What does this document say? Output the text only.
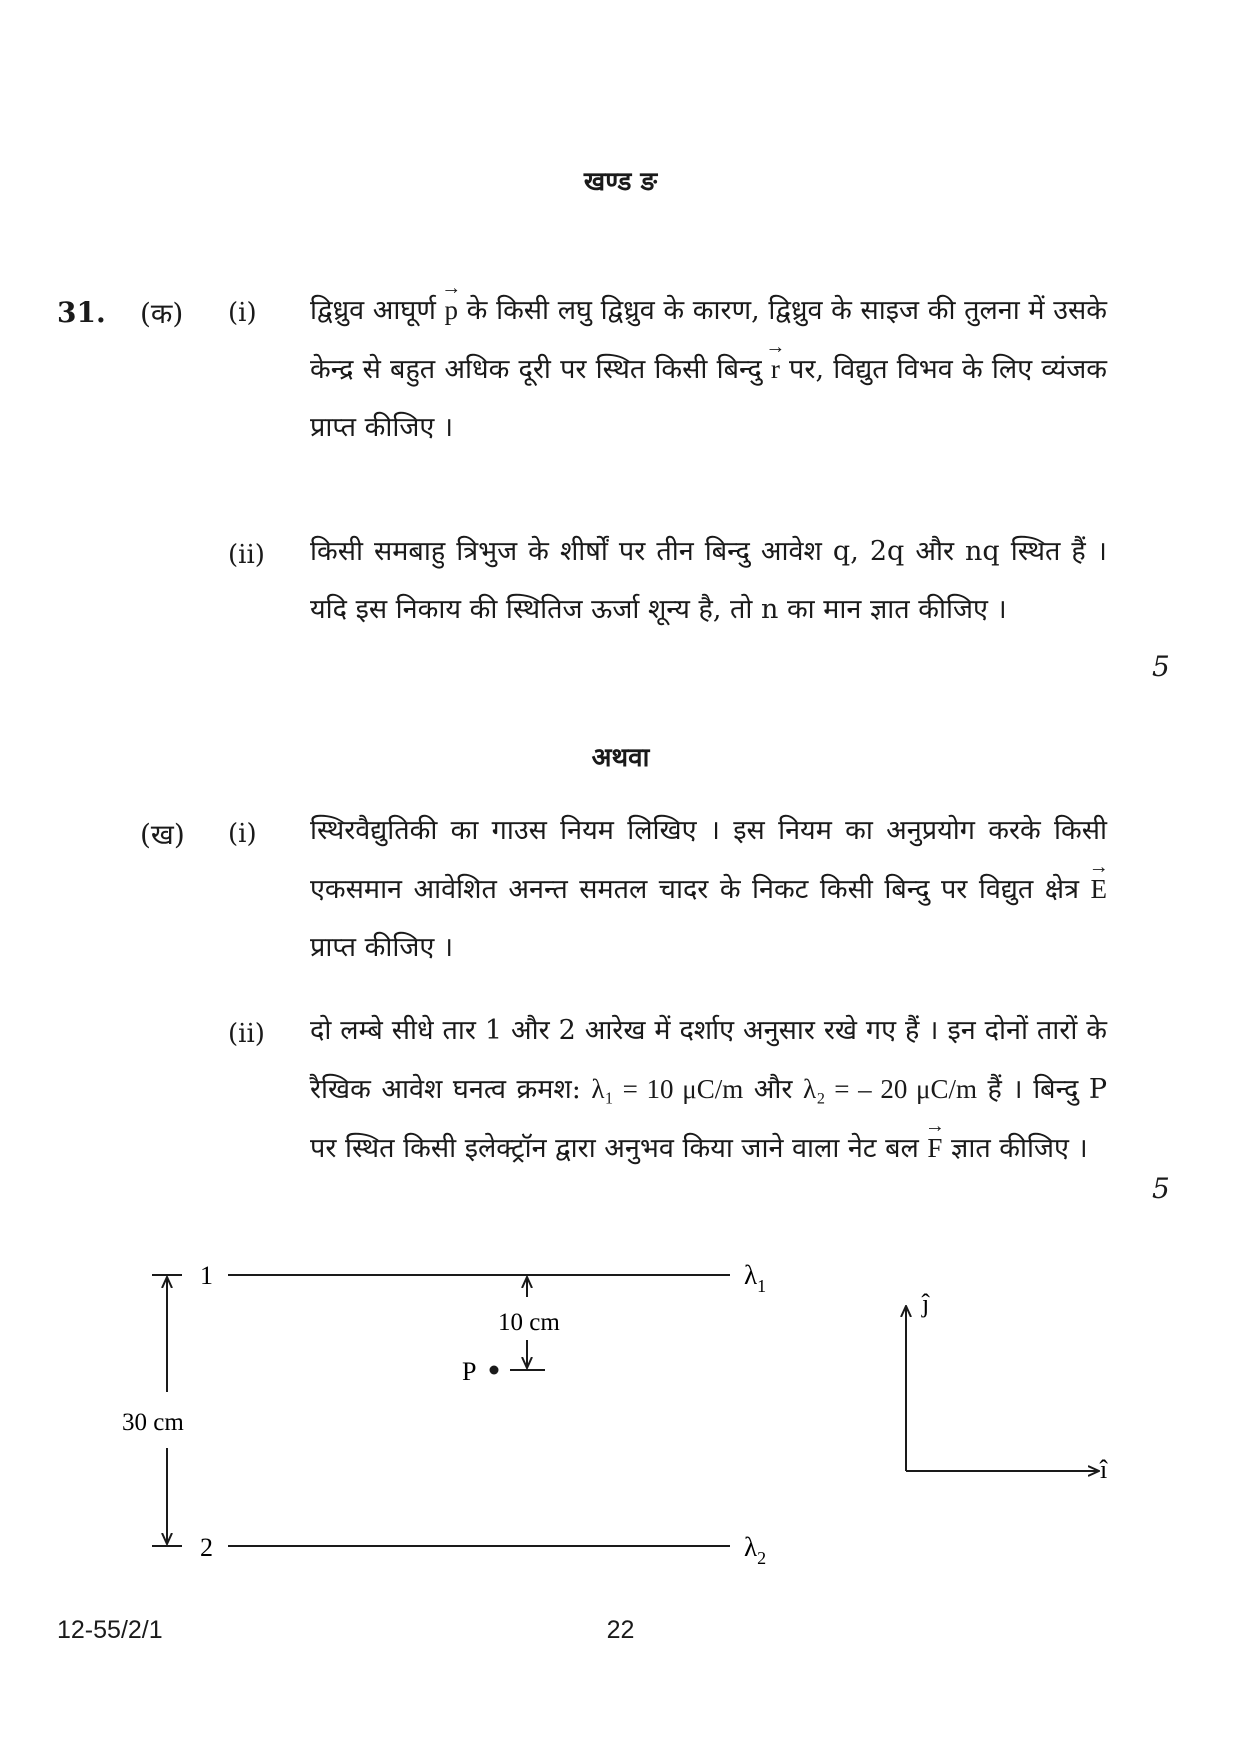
खण्ड ङ
31. (क) (i) द्विध्रुव आघूर्ण → p के किसी लघु द्विध्रुव के कारण, द्विध्रुव के साइज की तुलना में उसके केन्द्र से बहुत अधिक दूरी पर स्थित किसी बिन्दु → r पर, विद्युत विभव के लिए व्यंजक प्राप्त कीजिए ।
(ii) किसी समबाहु त्रिभुज के शीर्षों पर तीन बिन्दु आवेश q, 2q और nq स्थित हैं । यदि इस निकाय की स्थितिज ऊर्जा शून्य है, तो n का मान ज्ञात कीजिए ।
5
अथवा
(ख) (i) स्थिरवैद्युतिकी का गाउस नियम लिखिए । इस नियम का अनुप्रयोग करके किसी एकसमान आवेशित अनन्त समतल चादर के निकट किसी बिन्दु पर विद्युत क्षेत्र → E प्राप्त कीजिए ।
(ii) दो लम्बे सीधे तार 1 और 2 आरेख में दर्शाए अनुसार रखे गए हैं । इन दोनों तारों के रैखिक आवेश घनत्व क्रमश: λ₁ = 10 μC/m और λ₂ = – 20 μC/m हैं । बिन्दु P पर स्थित किसी इलेक्ट्रॉन द्वारा अनुभव किया जाने वाला नेट बल → F ज्ञात कीजिए ।
5
1	$\lambda_1$
2	$\lambda_2$
30 cm
10 cm
P
ĵ
î
12-55/2/1	22
